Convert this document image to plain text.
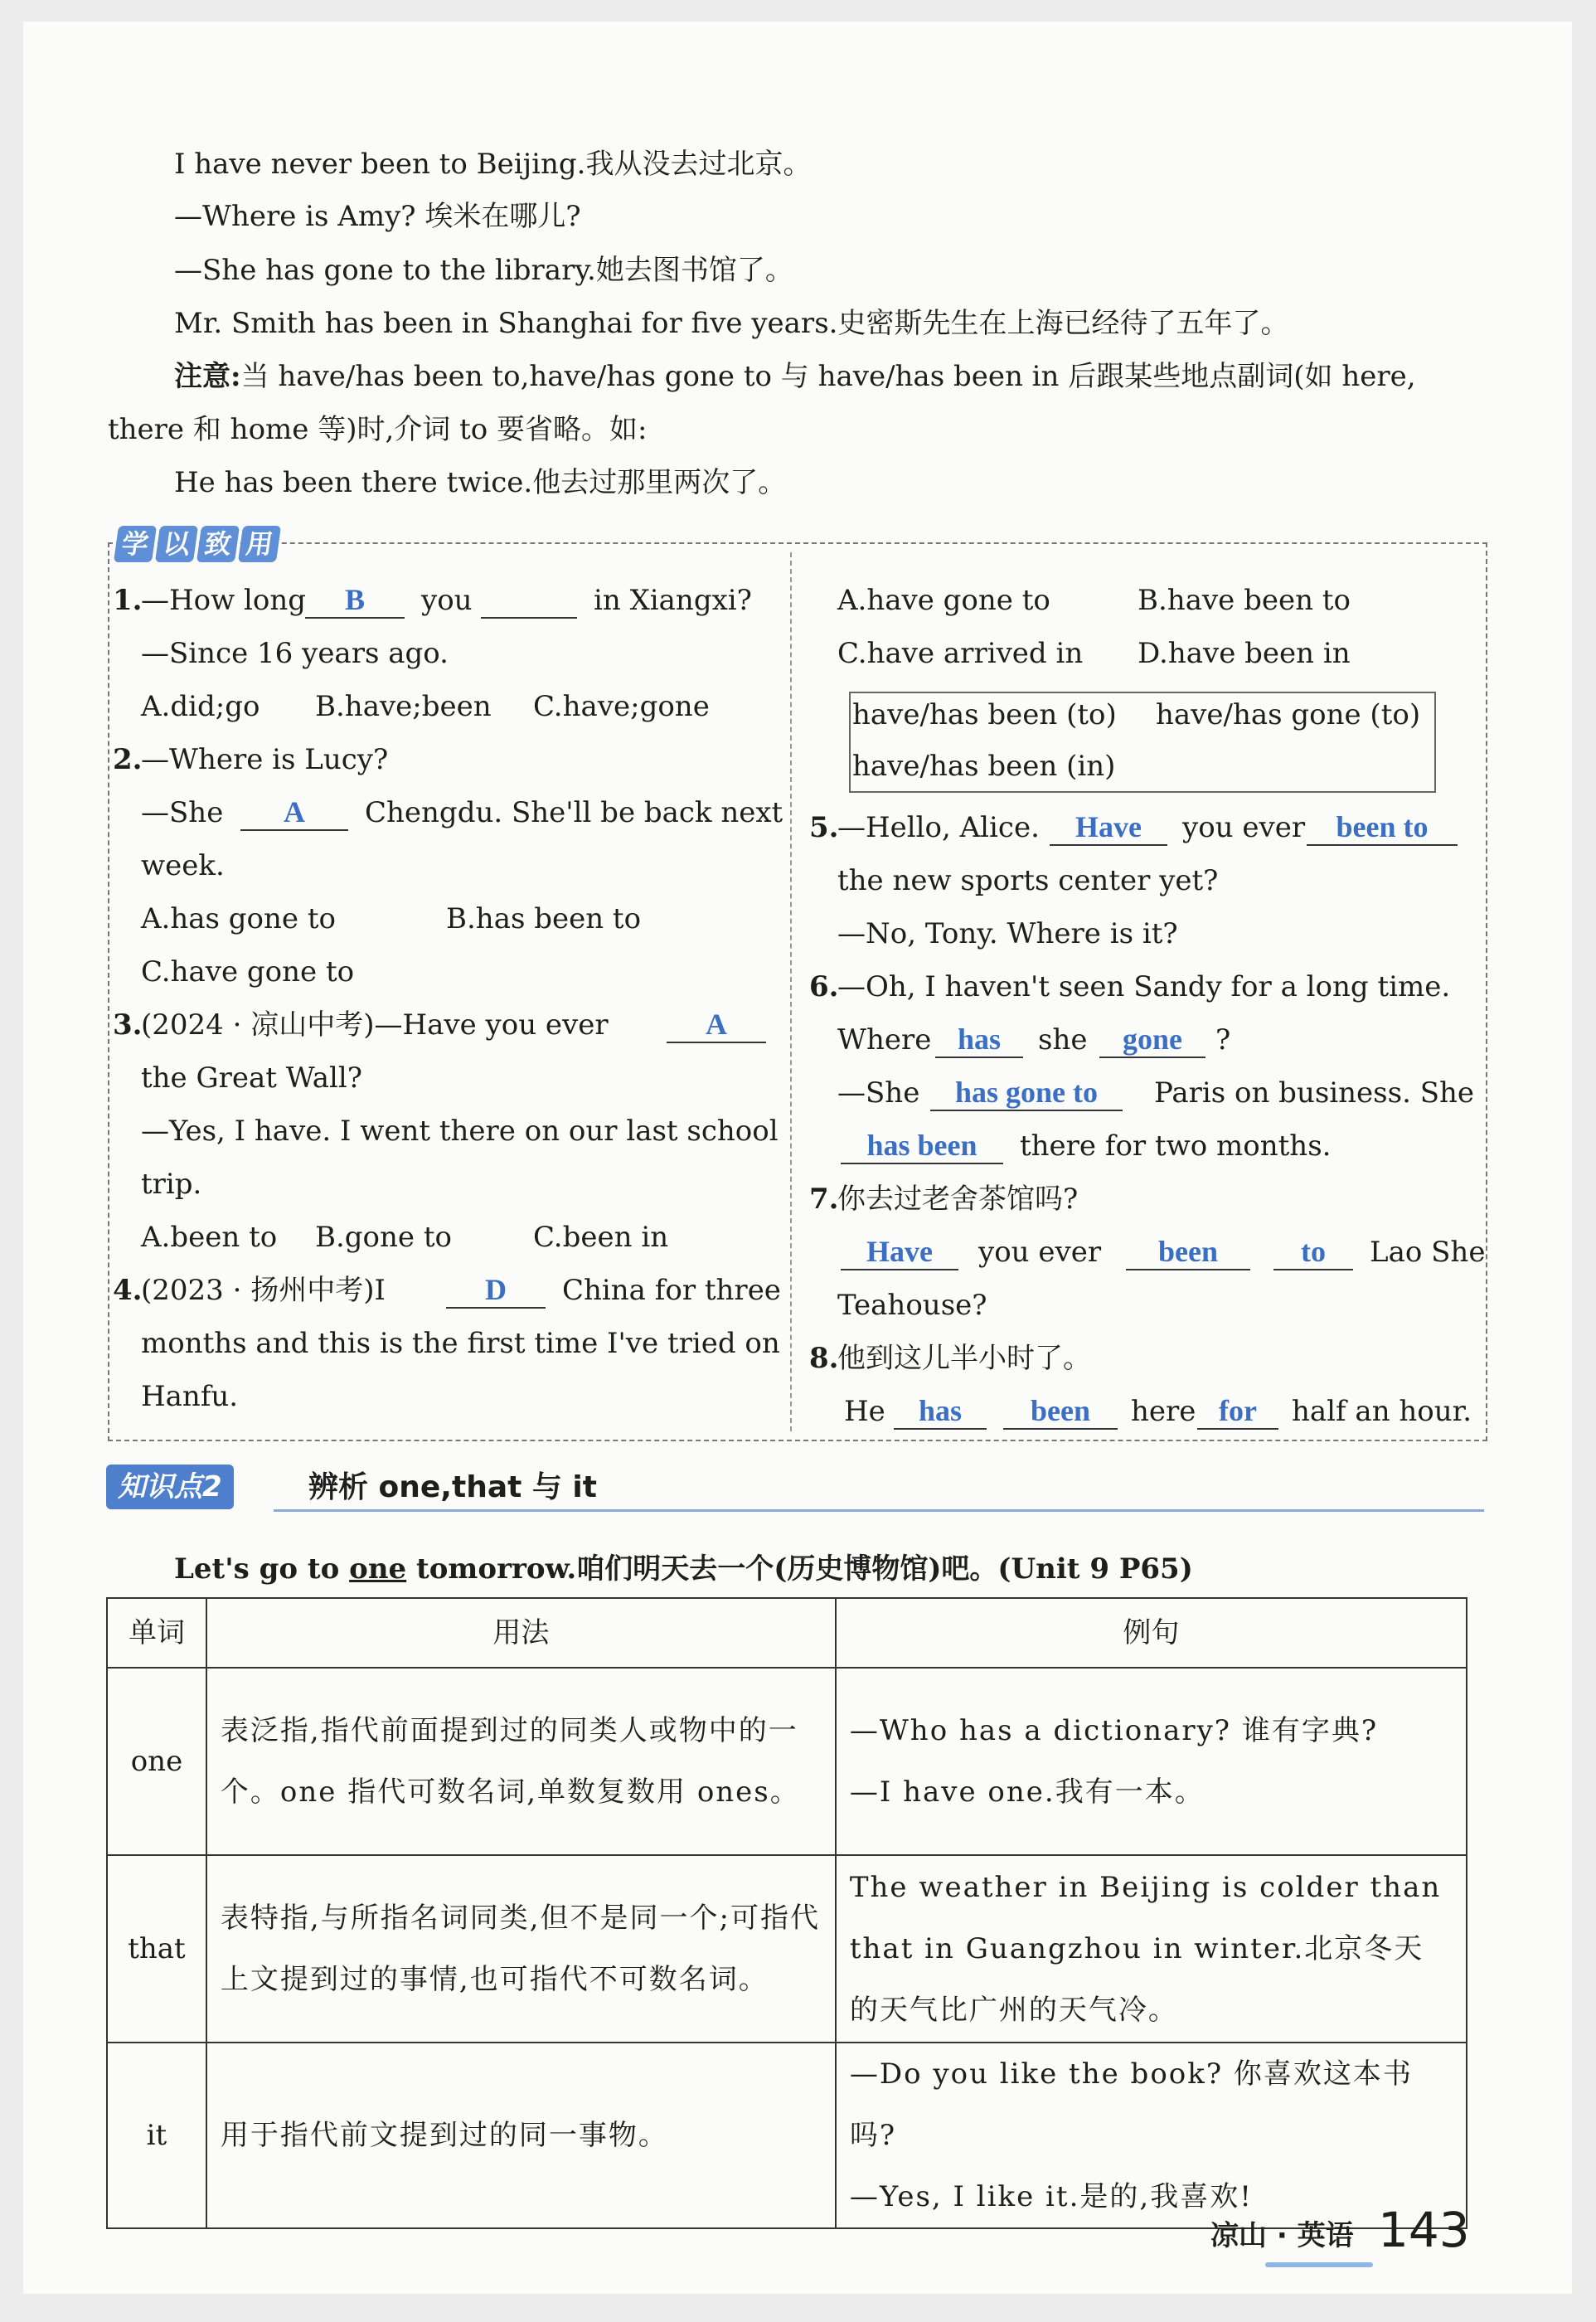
I have never been to Beijing.我从没去过北京。
—Where is Amy? 埃米在哪儿?
—She has gone to the library.她去图书馆了。
Mr. Smith has been in Shanghai for five years.史密斯先生在上海已经待了五年了。
注意:当 have/has been to,have/has gone to 与 have/has been in 后跟某些地点副词(如 here,
there 和 home 等)时,介词 to 要省略。如:
He has been there twice.他去过那里两次了。
学 以 致 用
1.
—How long	B	you	in Xiangxi?
—Since 16 years ago.
A.did;go B.have;been C.have;gone
2.
—Where is Lucy?
—She	A	Chengdu. She'll be back next
week.
A.has gone to	B.has been to
C.have gone to
3.
(2024 · 凉山中考)—Have you ever	A
the Great Wall?
—Yes, I have. I went there on our last school
trip.
A.been to B.gone to	C.been in
4.
(2023 · 扬州中考)I	D	China for three
months and this is the first time I've tried on
Hanfu.
A.have gone to	B.have been to
C.have arrived in D.have been in
have/has been (to) have/has gone (to)
have/has been (in)
5.
—Hello, Alice.	Have	you ever	been to
the new sports center yet?
—No, Tony. Where is it?
6.
—Oh, I haven't seen Sandy for a long time.
Where has	she	gone	?
—She	has gone to	Paris on business. She
has been	there for two months.
7.
你去过老舍茶馆吗?
Have	you ever	been	to	Lao She
Teahouse?
8.
他到这儿半小时了。
He	has	been	here for	half an hour.
知识点2	辨析 one,that 与 it
Let's go to one tomorrow.咱们明天去一个(历史博物馆)吧。(Unit 9 P65)
单词	用法	例句
one	表泛指,指代前面提到过的同类人或物中的一个。one 指代可数名词,单数复数用 ones。	—Who has a dictionary? 谁有字典?
—I have one.我有一本。

that	表特指,与所指名词同类,但不是同一个;可指代上文提到过的事情,也可指代不可数名词。	The weather in Beijing is colder than that in Guangzhou in winter.北京冬天的天气比广州的天气冷。

it	用于指代前文提到过的同一事物。	—Do you like the book? 你喜欢这本书吗?
—Yes, I like it.是的,我喜欢!
凉山 · 英语 143
